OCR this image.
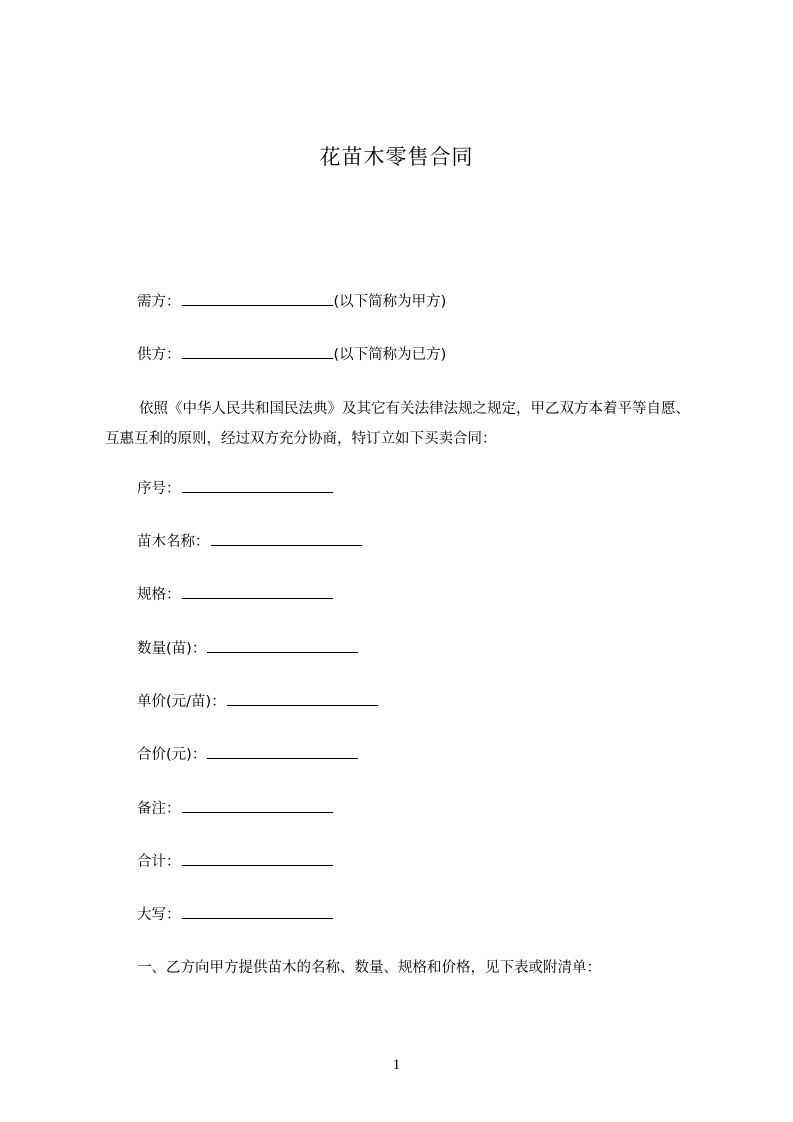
花苗木零售合同
需方：	(以下简称为甲方)
供方：	(以下简称为已方)
依照《中华人民共和国民法典》及其它有关法律法规之规定，甲乙双方本着平等自愿、互惠互利的原则，经过双方充分协商，特订立如下买卖合同：
序号：
苗木名称：
规格：
数量(苗)：
单价(元/苗)：
合价(元)：
备注：
合计：
大写：
一、乙方向甲方提供苗木的名称、数量、规格和价格，见下表或附清单：
1
